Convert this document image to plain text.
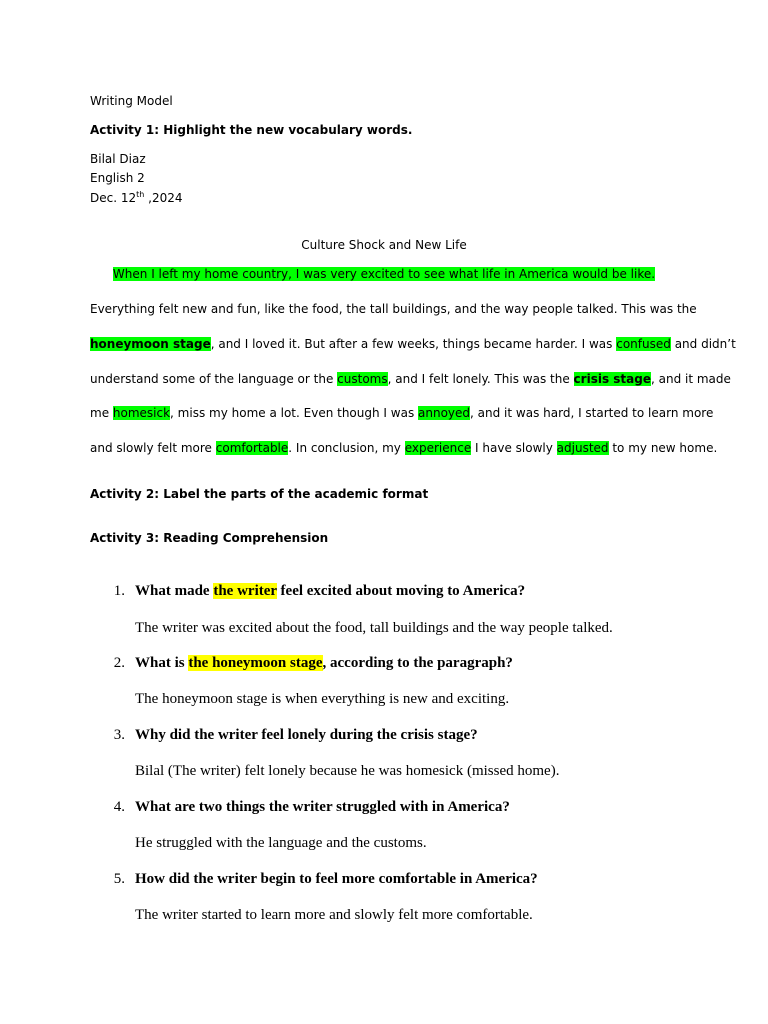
Writing Model
Activity 1: Highlight the new vocabulary words.
Bilal Diaz
English 2
Dec. 12th ,2024
Culture Shock and New Life
When I left my home country, I was very excited to see what life in America would be like.
Everything felt new and fun, like the food, the tall buildings, and the way people talked. This was the
honeymoon stage, and I loved it. But after a few weeks, things became harder. I was confused and didn’t
understand some of the language or the customs, and I felt lonely. This was the crisis stage, and it made
me homesick, miss my home a lot. Even though I was annoyed, and it was hard, I started to learn more
and slowly felt more comfortable. In conclusion, my experience I have slowly adjusted to my new home.
Activity 2: Label the parts of the academic format
Activity 3: Reading Comprehension
1. What made the writer feel excited about moving to America?
The writer was excited about the food, tall buildings and the way people talked.
2. What is the honeymoon stage, according to the paragraph?
The honeymoon stage is when everything is new and exciting.
3. Why did the writer feel lonely during the crisis stage?
Bilal (The writer) felt lonely because he was homesick (missed home).
4. What are two things the writer struggled with in America?
He struggled with the language and the customs.
5. How did the writer begin to feel more comfortable in America?
The writer started to learn more and slowly felt more comfortable.
